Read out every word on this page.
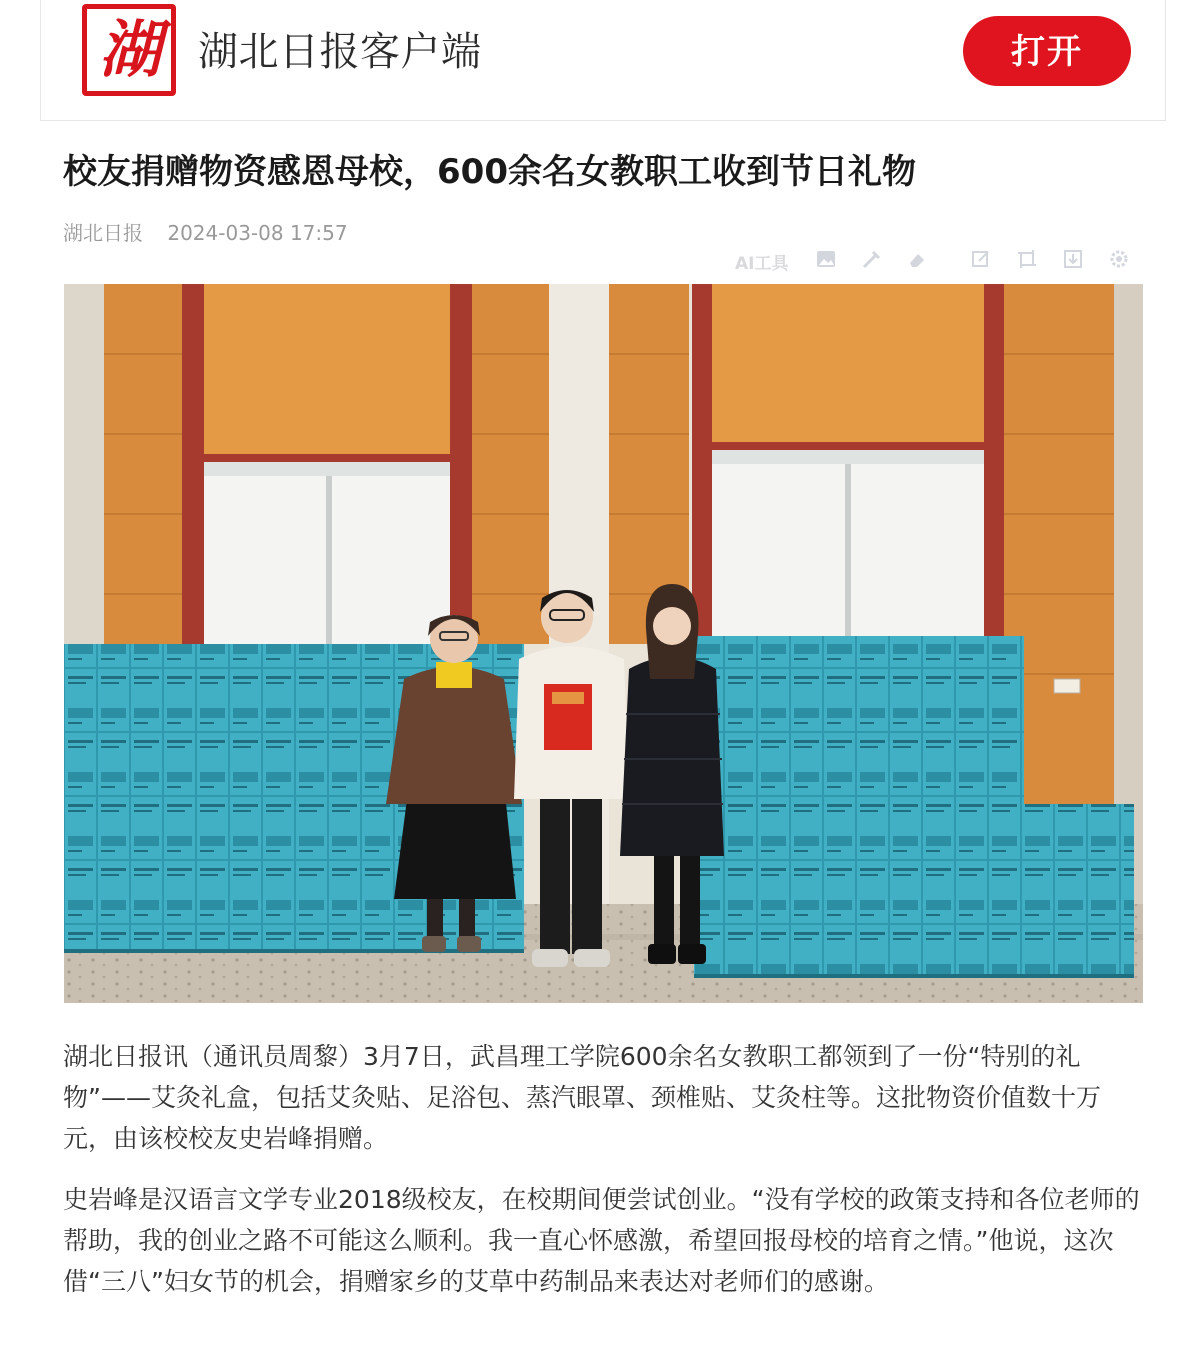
湖 湖北日报客户端	打开
校友捐赠物资感恩母校，600余名女教职工收到节日礼物
湖北日报 2024-03-08 17:57
AI工具

湖北日报讯（通讯员周黎）3月7日，武昌理工学院600余名女教职工都领到了一份“特别的礼物”——艾灸礼盒，包括艾灸贴、足浴包、蒸汽眼罩、颈椎贴、艾灸柱等。这批物资价值数十万元，由该校校友史岩峰捐赠。

史岩峰是汉语言文学专业2018级校友，在校期间便尝试创业。“没有学校的政策支持和各位老师的帮助，我的创业之路不可能这么顺利。我一直心怀感激，希望回报母校的培育之情。”他说，这次借“三八”妇女节的机会，捐赠家乡的艾草中药制品来表达对老师们的感谢。
